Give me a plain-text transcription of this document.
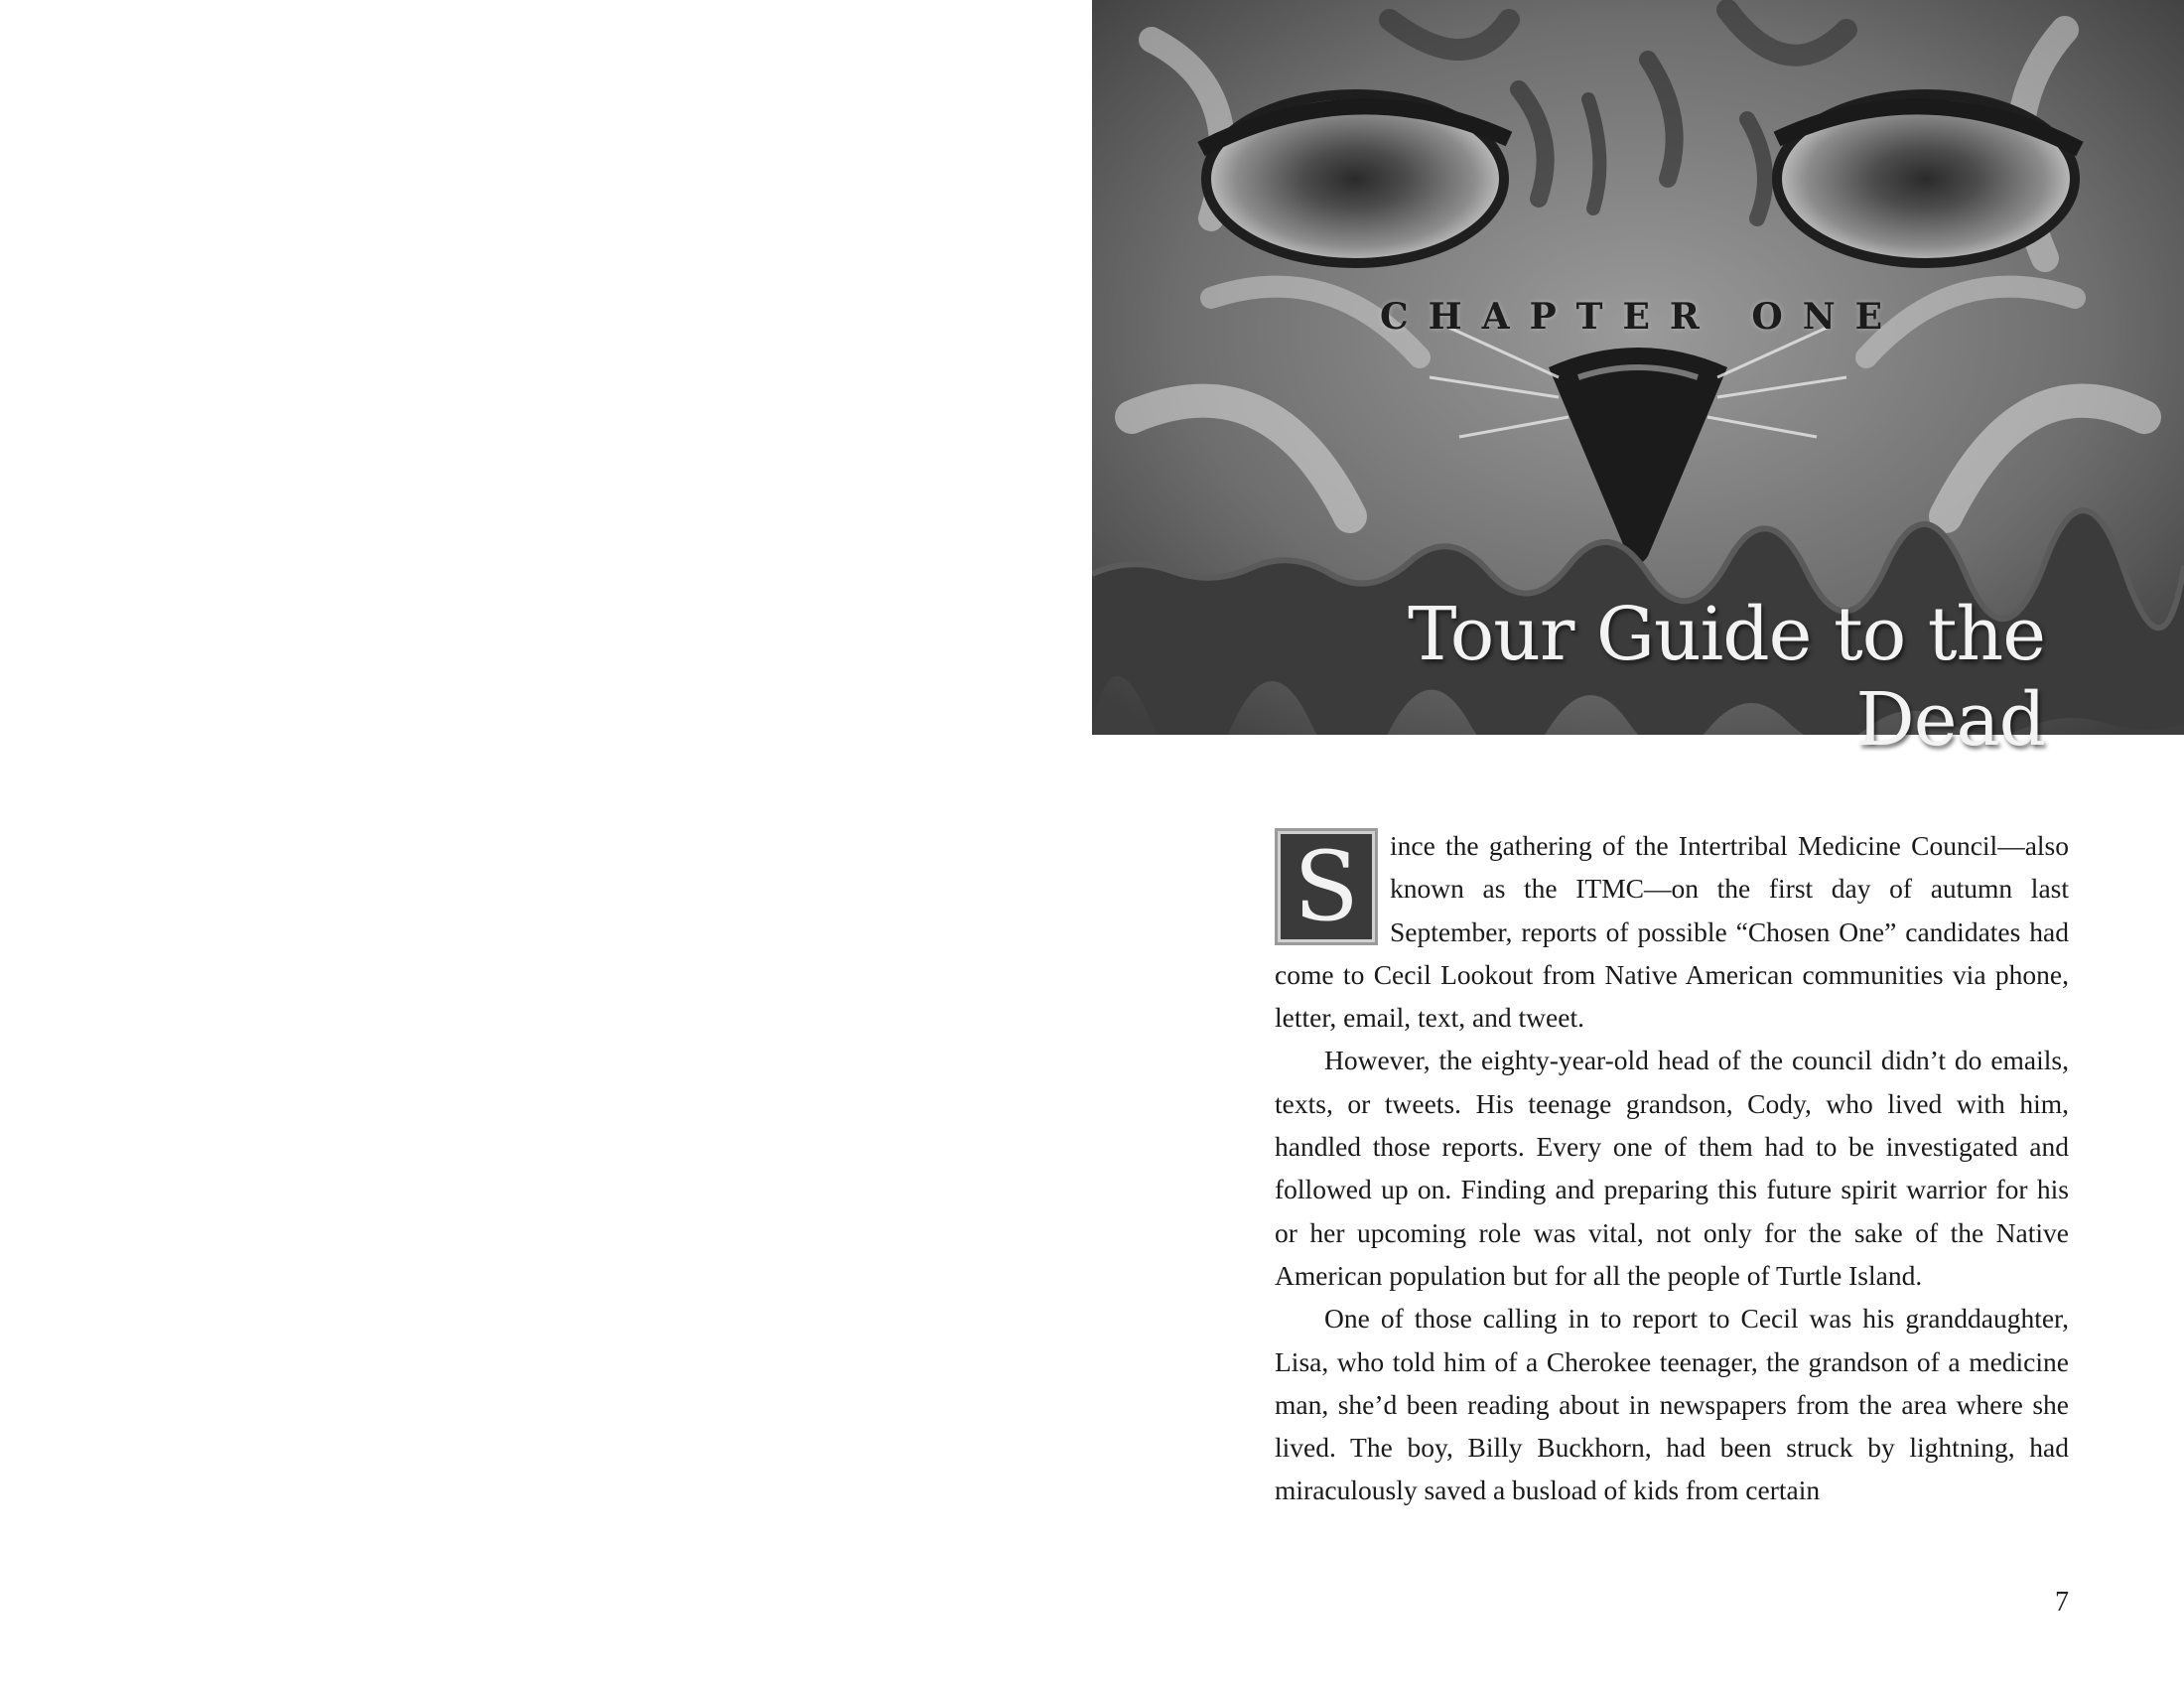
CHAPTER ONE
Tour Guide to the Dead
S	ince the gathering of the Intertribal Medicine Council—also known as the ITMC—on the first day of autumn last September, reports of possible “Chosen One” candidates had come to Cecil Lookout from Native American communities via phone, letter, email, text, and tweet.

However, the eighty-year-old head of the council didn’t do emails, texts, or tweets. His teenage grandson, Cody, who lived with him, handled those reports. Every one of them had to be investigated and followed up on. Finding and preparing this future spirit warrior for his or her upcoming role was vital, not only for the sake of the Native American population but for all the people of Turtle Island.

One of those calling in to report to Cecil was his granddaughter, Lisa, who told him of a Cherokee teenager, the grandson of a medicine man, she’d been reading about in newspapers from the area where she lived. The boy, Billy Buckhorn, had been struck by lightning, had miraculously saved a busload of kids from certain

7
